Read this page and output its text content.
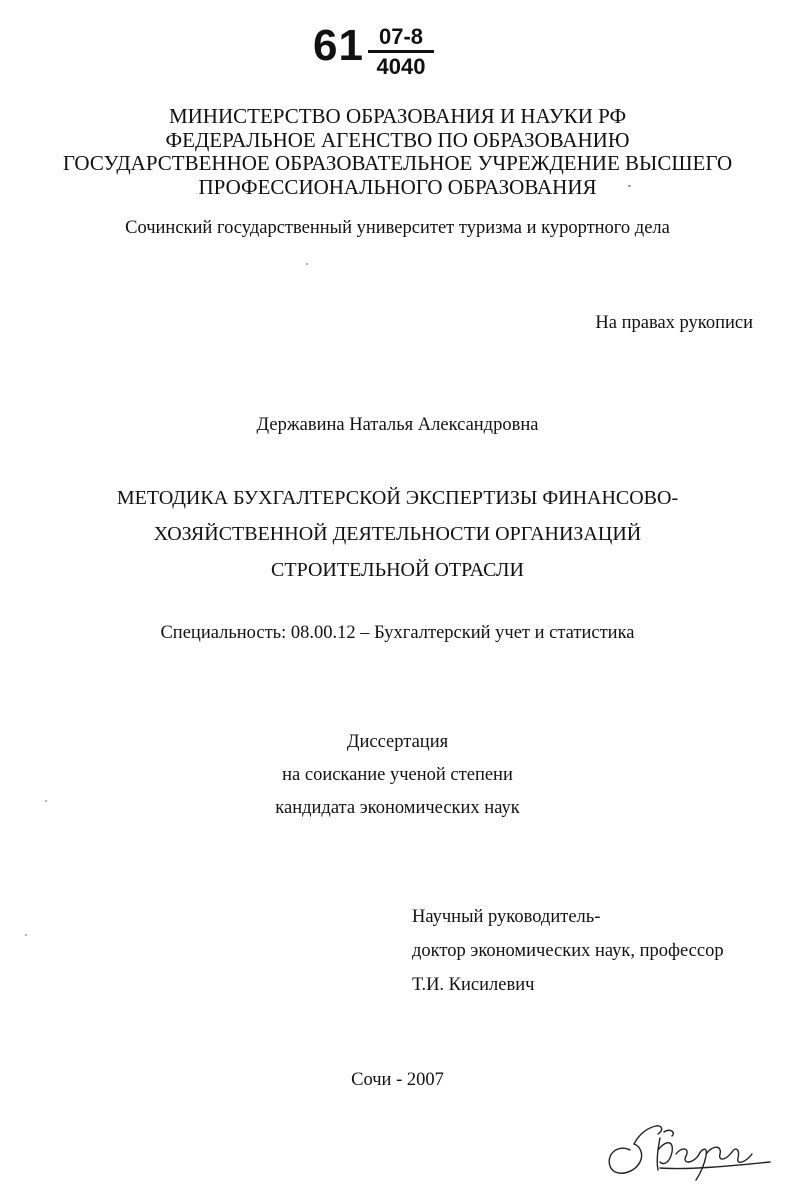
61 07-8
4040
МИНИСТЕРСТВО ОБРАЗОВАНИЯ И НАУКИ РФ
ФЕДЕРАЛЬНОЕ АГЕНСТВО ПО ОБРАЗОВАНИЮ
ГОСУДАРСТВЕННОЕ ОБРАЗОВАТЕЛЬНОЕ УЧРЕЖДЕНИЕ ВЫСШЕГО
ПРОФЕССИОНАЛЬНОГО ОБРАЗОВАНИЯ
Сочинский государственный университет туризма и курортного дела
На правах рукописи
Державина Наталья Александровна
МЕТОДИКА БУХГАЛТЕРСКОЙ ЭКСПЕРТИЗЫ ФИНАНСОВО-
ХОЗЯЙСТВЕННОЙ ДЕЯТЕЛЬНОСТИ ОРГАНИЗАЦИЙ
СТРОИТЕЛЬНОЙ ОТРАСЛИ
Специальность: 08.00.12 – Бухгалтерский учет и статистика
Диссертация
на соискание ученой степени
кандидата экономических наук
Научный руководитель-
доктор экономических наук, профессор
Т.И. Кисилевич
Сочи - 2007
